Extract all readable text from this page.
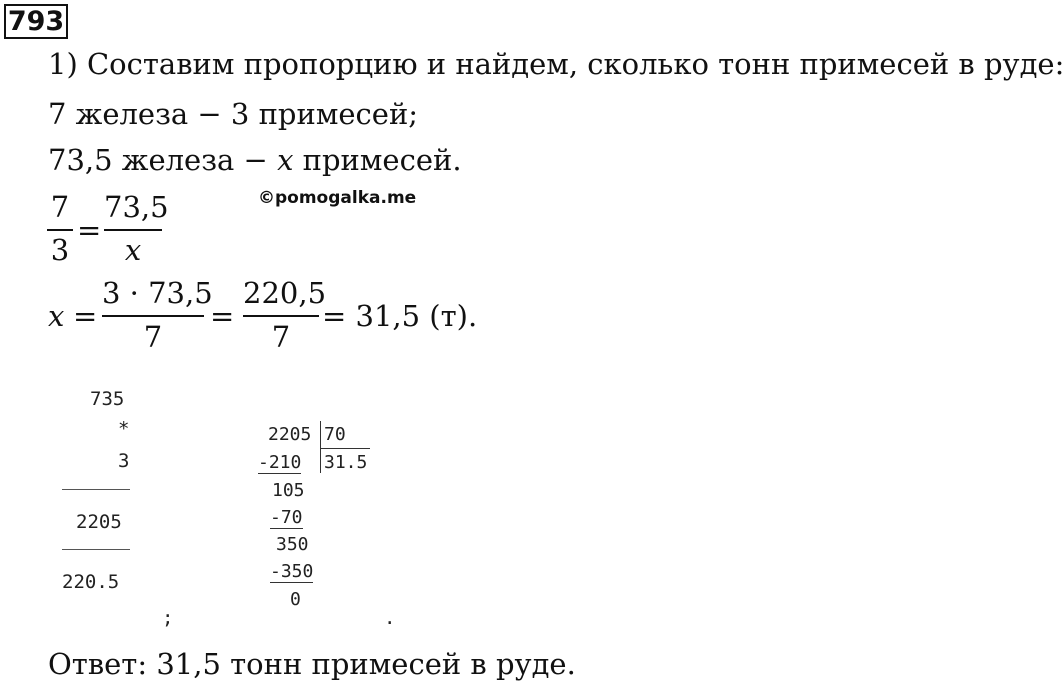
793
1) Составим пропорцию и найдем, сколько тонн примесей в руде:
7 железа − 3 примесей;
73,5 железа − x примесей.
©pomogalka.me
7
3
=
73,5
x
x =
3 · 73,5
7
=
220,5
7
= 31,5 (т).
735
*
3
2205
220.5
;
2205 70
31.5
-210
105
-70
350
-350
0
.
Ответ: 31,5 тонн примесей в руде.
